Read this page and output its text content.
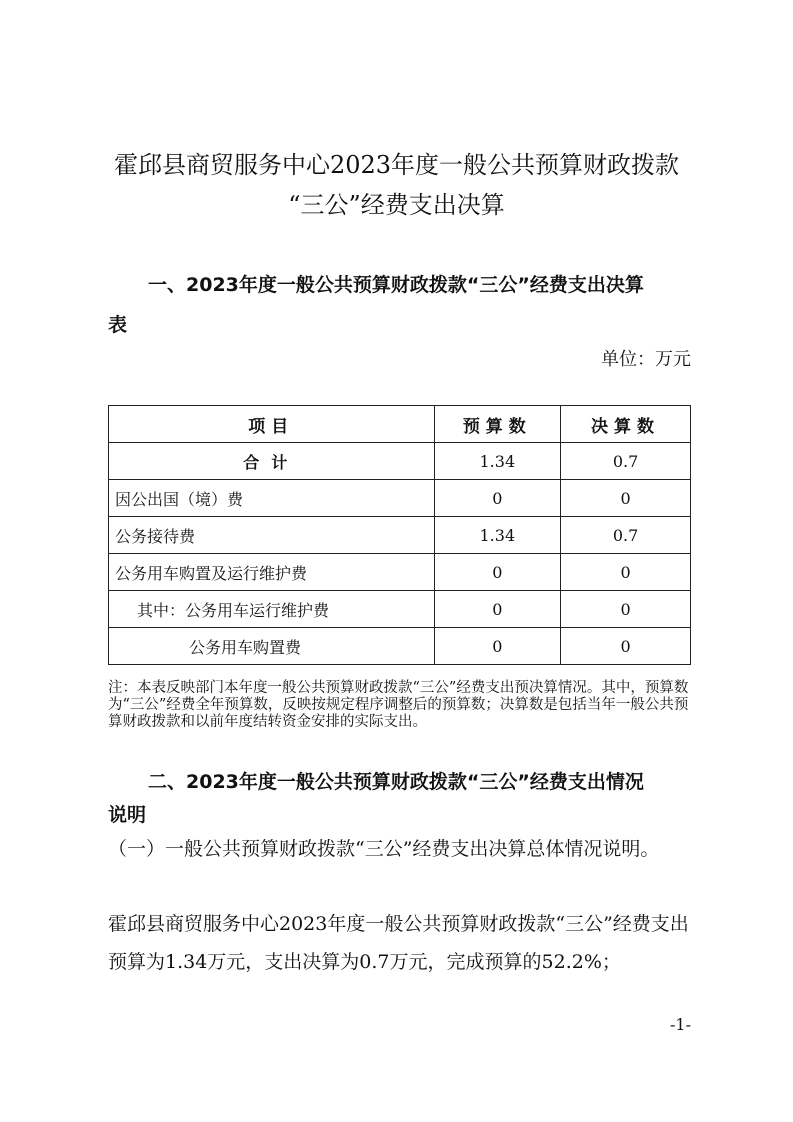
霍邱县商贸服务中心2023年度一般公共预算财政拨款
“三公”经费支出决算
一、2023年度一般公共预算财政拨款“三公”经费支出决算
表
单位：万元
项目	预算数	决算数
合计	1.34	0.7
因公出国（境）费	0	0
公务接待费	1.34	0.7
公务用车购置及运行维护费	0	0
其中：公务用车运行维护费	0	0
公务用车购置费	0	0
注：本表反映部门本年度一般公共预算财政拨款“三公”经费支出预决算情况。其中，预算数为“三公”经费全年预算数，反映按规定程序调整后的预算数；决算数是包括当年一般公共预算财政拨款和以前年度结转资金安排的实际支出。
二、2023年度一般公共预算财政拨款“三公”经费支出情况
说明
（一）一般公共预算财政拨款“三公”经费支出决算总体情况说明。
霍邱县商贸服务中心2023年度一般公共预算财政拨款“三公”经费支出预算为1.34万元，支出决算为0.7万元，完成预算的52.2%；
-1-
